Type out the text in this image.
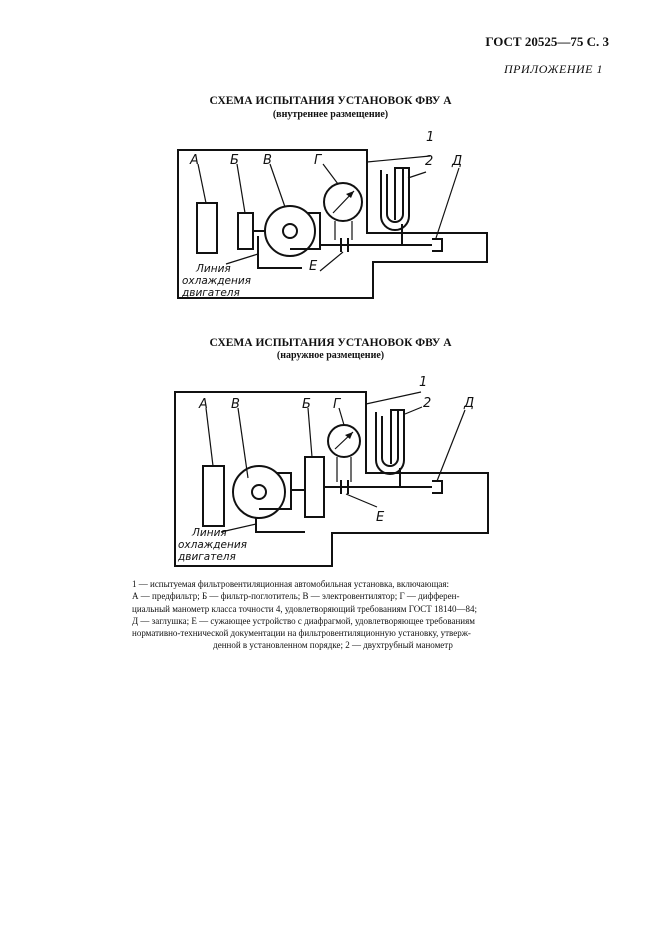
ГОСТ 20525—75 С. 3
ПРИЛОЖЕНИЕ 1
СХЕМА ИСПЫТАНИЯ УСТАНОВОК ФВУ А
(внутреннее размещение)
А Б В	Г
1
2 Д
Е
Линия
охлаждения
двигателя
СХЕМА ИСПЫТАНИЯ УСТАНОВОК ФВУ А
(наружное размещение)
А В	Б Г
1
2	Д
Е
Линия
охлаждения
двигателя

1 — испытуемая фильтровентиляционная автомобильная установка, включающая:

А — предфильтр; Б — фильтр-поглотитель; В — электровентилятор; Г — дифферен-

циальный манометр класса точности 4, удовлетворяющий требованиям ГОСТ 18140—84;

Д — заглушка; Е — сужающее устройство с диафрагмой, удовлетворяющее требованиям

нормативно-технической документации на фильтровентиляционную установку, утверж-

денной в установленном порядке; 2 — двухтрубный манометр
